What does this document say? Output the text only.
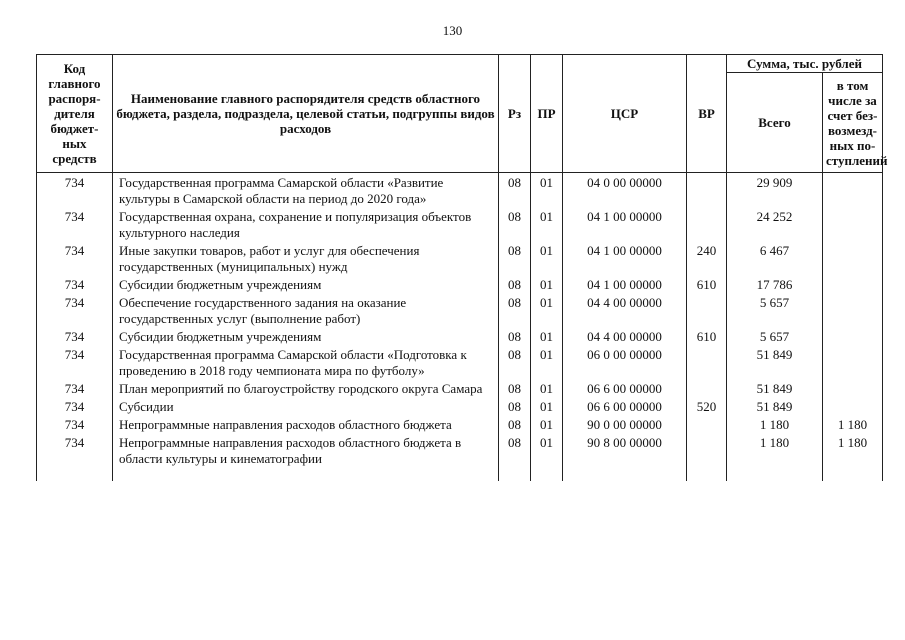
130
Код главного распоря- дителя бюджет- ных средств	Наименование главного распорядителя средств областного бюджета, раздела, подраздела, целевой статьи, подгруппы видов расходов	Рз	ПР	ЦСР	ВР	Сумма, тыс. рублей	
						Всего	в том числе за счет без- возмезд- ных по- ступлений
734	Государственная программа Самарской области «Развитие культуры в Самарской области на период до 2020 года»	08	01	04 0 00 00000		29 909	
734	Государственная охрана, сохранение и популяризация объектов культурного наследия	08	01	04 1 00 00000		24 252	
734	Иные закупки товаров, работ и услуг для обеспечения государственных (муниципальных) нужд	08	01	04 1 00 00000	240	6 467	
734	Субсидии бюджетным учреждениям	08	01	04 1 00 00000	610	17 786	
734	Обеспечение государственного задания на оказание государственных услуг (выполнение работ)	08	01	04 4 00 00000		5 657	
734	Субсидии бюджетным учреждениям	08	01	04 4 00 00000	610	5 657	
734	Государственная программа Самарской области «Подготовка к проведению в 2018 году чемпионата мира по футболу»	08	01	06 0 00 00000		51 849	
734	План мероприятий по благоустройству городского округа Самара	08	01	06 6 00 00000		51 849	
734	Субсидии	08	01	06 6 00 00000	520	51 849	
734	Непрограммные направления расходов областного бюджета	08	01	90 0 00 00000		1 180	1 180
734	Непрограммные направления расходов областного бюджета в области культуры и кинематографии	08	01	90 8 00 00000		1 180	1 180
